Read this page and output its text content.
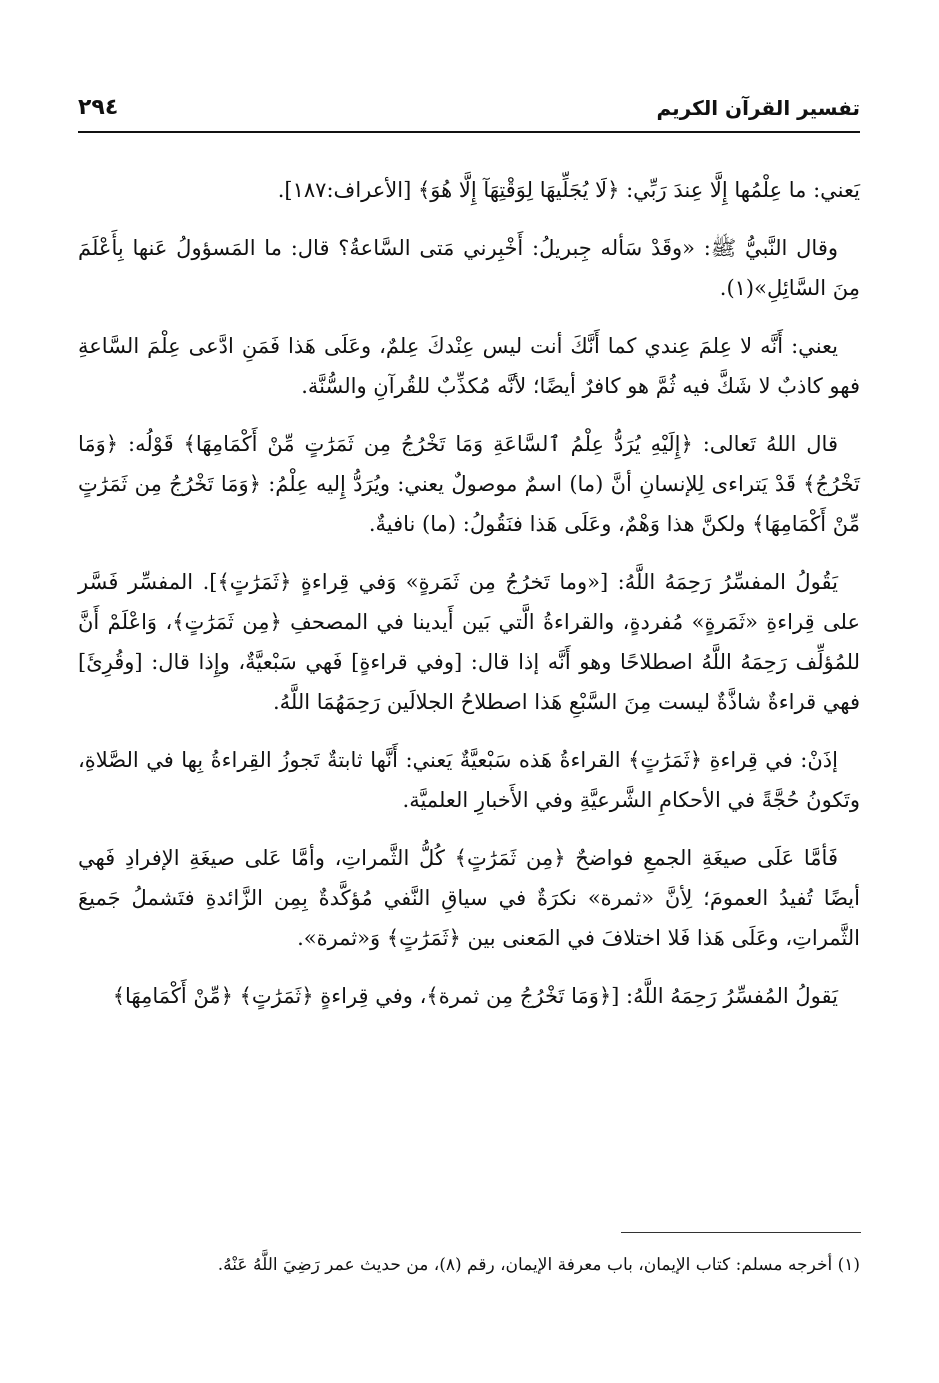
تفسير القرآن الكريم
٢٩٤

يَعني: ما عِلْمُها إِلَّا عِندَ رَبِّي: ﴿لَا يُجَلِّيهَا لِوَقْتِهَآ إِلَّا هُوَ﴾ [الأعراف:١٨٧].

وقال النَّبيُّ ﷺ: «وقَدْ سَأله جِبريلُ: أَخْبِرني مَتى السَّاعةُ؟ قال: ما المَسؤولُ عَنها بِأَعْلَمَ مِنَ السَّائِلِ»(١).

يعني: أَنَّه لا عِلمَ عِندي كما أَنَّكَ أنت ليس عِنْدكَ عِلمٌ، وعَلَى هَذا فَمَنِ ادَّعى عِلْمَ السَّاعةِ فهو كاذبٌ لا شَكَّ فيه ثُمَّ هو كافرٌ أيضًا؛ لأنَّه مُكذِّبٌ للقُرآنِ والسُّنَّة.

قال اللهُ تَعالى: ﴿إِلَيْهِ يُرَدُّ عِلْمُ ٱلسَّاعَةِ وَمَا تَخْرُجُ مِن ثَمَرَٰتٍ مِّنْ أَكْمَامِهَا﴾ قَوْلُه: ﴿وَمَا تَخْرُجُ﴾ قَدْ يَتراءى لِلإنسانِ أنَّ (ما) اسمٌ موصولٌ يعني: ويُرَدُّ إِليه عِلْمُ: ﴿وَمَا تَخْرُجُ مِن ثَمَرَٰتٍ مِّنْ أَكْمَامِهَا﴾ ولكنَّ هذا وَهْمٌ، وعَلَى هَذا فنَقُولُ: (ما) نافيةٌ.

يَقُولُ المفسِّرُ رَحِمَهُ اللَّهُ: [«وما تَخرُجُ مِن ثَمَرةٍ» وَفي قِراءةٍ ﴿ثَمَرَٰتٍ﴾]. المفسِّر فَسَّر على قِراءةِ «ثَمَرةٍ» مُفردةٍ، والقراءةُ الَّتي بَين أَيدينا في المصحفِ ﴿مِن ثَمَرَٰتٍ﴾، وَاعْلَمْ أَنَّ للمُؤلِّف رَحِمَهُ اللَّهُ اصطلاحًا وهو أَنَّه إذا قال: [وفي قراءةٍ] فَهي سَبْعيَّةٌ، وإِذا قال: [وقُرِئَ] فهي قراءةٌ شاذَّةٌ ليست مِنَ السَّبْعِ هَذا اصطلاحُ الجلالَين رَحِمَهُمَا اللَّهُ.

إذَنْ: في قِراءةِ ﴿ثَمَرَٰتٍ﴾ القراءةُ هَذه سَبْعيَّةٌ يَعني: أَنَّها ثابتةٌ تَجوزُ القِراءةُ بِها في الصَّلاةِ، وتَكونُ حُجَّةً في الأحكامِ الشَّرعيَّةِ وفي الأَخبارِ العلميَّة.

فَأمَّا عَلَى صيغَةِ الجمعِ فواضحٌ ﴿مِن ثَمَرَٰتٍ﴾ كُلُّ الثَّمراتِ، وأمَّا عَلى صيغَةِ الإفرادِ فَهي أيضًا تُفيدُ العمومَ؛ لِأنَّ «ثمرة» نكرَةٌ في سياقِ النَّفي مُؤكَّدةٌ بِمِن الزَّائدةِ فتَشملُ جَميعَ الثَّمراتِ، وعَلَى هَذا فَلا اختلافَ في المَعنى بين ﴿ثَمَرَٰتٍ﴾ وَ«ثمرة».

يَقولُ المُفسِّرُ رَحِمَهُ اللَّهُ: [﴿وَمَا تَخْرُجُ مِن ثمرة﴾، وفي قِراءةٍ ﴿ثَمَرَٰتٍ﴾ ﴿مِّنْ أَكْمَامِهَا﴾

(١) أخرجه مسلم: كتاب الإيمان، باب معرفة الإيمان، رقم (٨)، من حديث عمر رَضِيَ اللَّهُ عَنْهُ.
